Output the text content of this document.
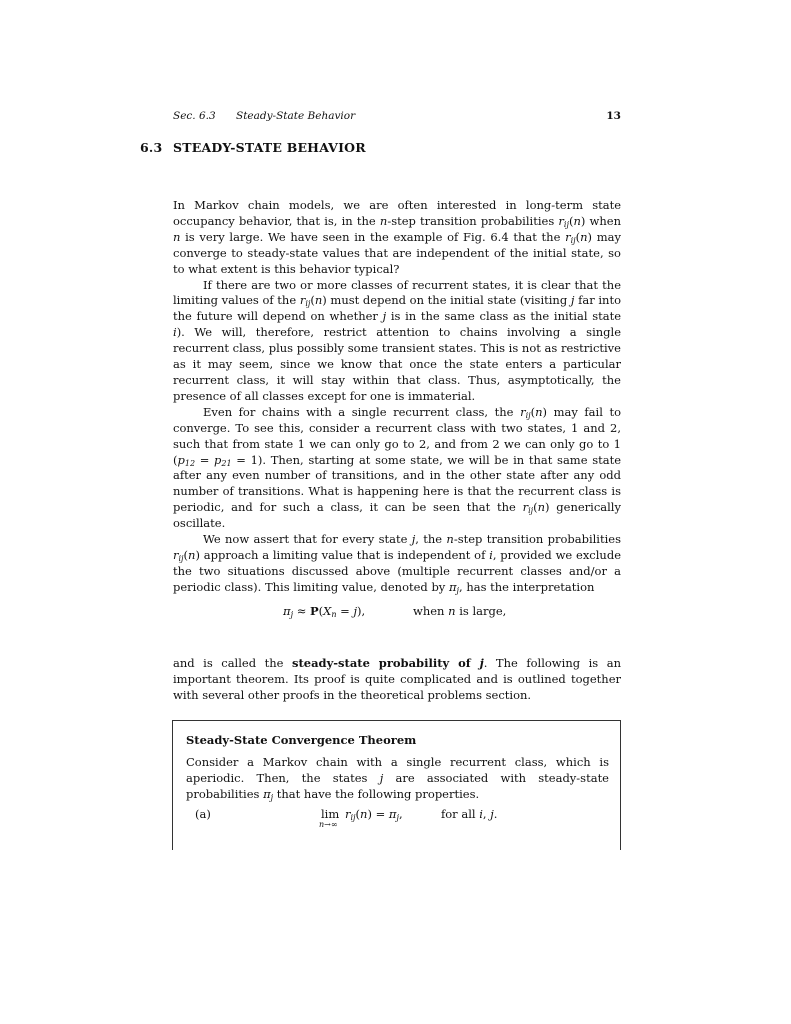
Sec. 6.3 Steady-State Behavior	13
6.3 STEADY-STATE BEHAVIOR

In Markov chain models, we are often interested in long-term state occupancy behavior, that is, in the n-step transition probabilities $r_{ij}(n)$ when n is very large. We have seen in the example of Fig. 6.4 that the $r_{ij}(n)$ may converge to steady-state values that are independent of the initial state, so to what extent is this behavior typical?

If there are two or more classes of recurrent states, it is clear that the limiting values of the $r_{ij}(n)$ must depend on the initial state (visiting j far into the future will depend on whether j is in the same class as the initial state i). We will, therefore, restrict attention to chains involving a single recurrent class, plus possibly some transient states. This is not as restrictive as it may seem, since we know that once the state enters a particular recurrent class, it will stay within that class. Thus, asymptotically, the presence of all classes except for one is immaterial.

Even for chains with a single recurrent class, the $r_{ij}(n)$ may fail to converge. To see this, consider a recurrent class with two states, 1 and 2, such that from state 1 we can only go to 2, and from 2 we can only go to 1 $(p_{12} = p_{21} = 1)$. Then, starting at some state, we will be in that same state after any even number of transitions, and in the other state after any odd number of transitions. What is happening here is that the recurrent class is periodic, and for such a class, it can be seen that the $r_{ij}(n)$ generically oscillate.

We now assert that for every state j, the n-step transition probabilities $r_{ij}(n)$ approach a limiting value that is independent of i, provided we exclude the two situations discussed above (multiple recurrent classes and/or a periodic class). This limiting value, denoted by $\pi_j$, has the interpretation

$\pi_j \approx P(X_n = j)$,	when n is large,

and is called the steady-state probability of j. The following is an important theorem. Its proof is quite complicated and is outlined together with several other proofs in the theoretical problems section.

Steady-State Convergence Theorem
Consider a Markov chain with a single recurrent class, which is aperiodic. Then, the states j are associated with steady-state probabilities $\pi_j$ that have the following properties.
(a)	lim
n→∞
$r_{ij}(n) = \pi_j$,	for all i, j.
